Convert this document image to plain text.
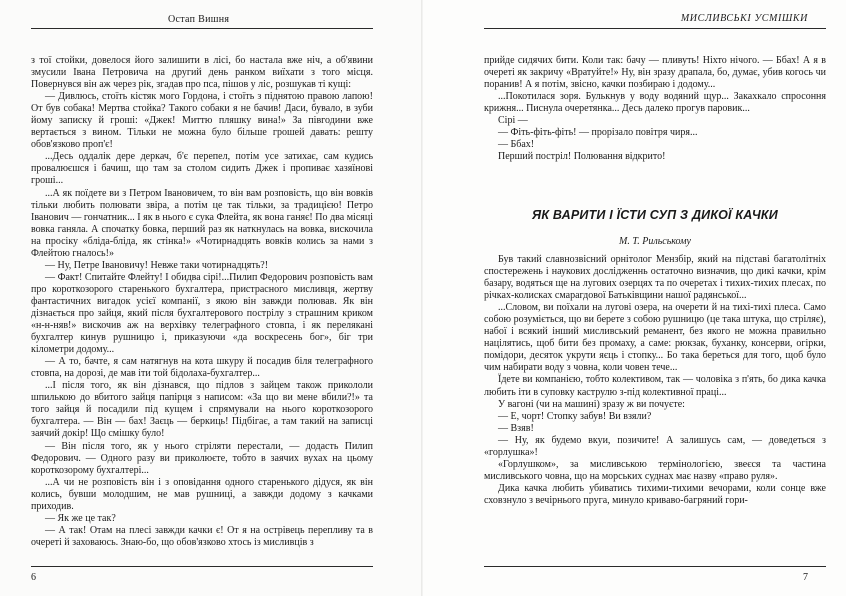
Остап Вишня

з тої стойки, довелося його залишити в лісі, бо настала вже ніч, а об'явини змусили Івана Петровича на другий день ранком виїхати з того місця. Повернувся він аж через рік, згадав про пса, пішов у ліс, розшукав ті кущі:

— Дивлюсь, стоїть кістяк мого Гордона, і стоїть з піднятою правою лапою! От був собака! Мертва стойка? Такого собаки я не бачив! Даси, бувало, в зуби йому записку й гроші: «Джек! Миттю пляшку вина!» За півгодини вже вертається з вином. Тільки не можна було більше грошей давать: решту обов'язково проп'є!

...Десь оддалік дере деркач, б'є перепел, потім усе затихає, сам кудись провалюєшся і бачиш, що там за столом сидить Джек і пропиває хазяїнові гроші...

...А як поїдете ви з Петром Івановичем, то він вам розповість, що він вовків тільки любить полювати звіра, а потім це так тільки, за традицією! Петро Іванович — гончатник... І як в нього є сука Флейта, як вона ганяє! По два місяці вовка ганяла. А спочатку бовка, перший раз як наткнулась на вовка, вискочила на просіку «бліда-бліда, як стінка!» «Чотирнадцять вовків колись за нами з Флейтою гналось!»

— Ну, Петре Івановичу! Невже таки чотирнадцять?!

— Факт! Спитайте Флейту! І обидва сірі!...Пилип Федорович розповість вам про короткозорого старенького бухгалтера, пристрасного мисливця, жертву фантастичних вигадок усієї компанії, з якою він завжди полював. Як він дізнається про зайця, який після бухгалтерового пострілу з страшним криком «н-н-няв!» вискочив аж на верхівку телеграфного стовпа, і як перелякані бухгалтер кинув рушницю і, приказуючи «да воскресень бог», біг три кілометри додому...

— А то, бачте, я сам натягнув на кота шкуру й посадив біля телеграфного стовпа, на дорозі, де мав іти той бідолаха-бухгалтер...

...І після того, як він дізнався, що підлов з зайцем також прикололи шпилькою до вбитого зайця папірця з написом: «За що ви мене вбили?!» та того зайця й посадили під кущем і спрямували на нього короткозорого бухгалтера. — Він — бах! Заєць — беркиць! Підбігає, а там такий на записці заячий докір! Що смішку було!

— Він після того, як у нього стріляти перестали, — додасть Пилип Федорович. — Одного разу ви приколюєте, тобто в заячих вухах на цьому короткозорому бухгалтері...

...А чи не розповість він і з оповідання одного старенького дідуся, як він колись, бувши молодшим, не мав рушниці, а завжди додому з качками приходив.

— Як же це так?

— А так! Отам на плесі завжди качки є! От я на острівець перепливу та в очереті й заховаюсь. Знаю-бо, що обов'язково хтось із мисливців з

6
МИСЛИВСЬКІ УСМІШКИ

прийде сидячих бити. Коли так: бачу — пливуть! Ніхто нічого. — Ббах! А я в очереті як закричу «Вратуйте!» Ну, він зразу драпала, бо, думає, убив когось чи поранив! А я потім, звісно, качки позбираю і додому...

...Покотилася зоря. Булькнув у воду водяний щур... Закахкало спросоння крижня... Писнула очеретянка... Десь далеко прогув паровик...

Сірі —

— Фіть-фіть-фіть! — прорізало повітря чиря...

— Ббах!

Перший постріл! Полювання відкрито!

ЯК ВАРИТИ І ЇСТИ СУП З ДИКОЇ КАЧКИ
М. Т. Рильському

Був такий славнозвісний орнітолог Мензбір, який на підставі багатолітніх спостережень і наукових дослідженнь остаточно визначив, що дикі качки, крім базару, водяться ще на лугових озерцях та по очеретах і тихих-тихих плесах, по річках-колисках смарагдової Батьківщини нашої радянської...

...Словом, ви поїхали на лугові озера, на очерети й на тихі-тихі плеса. Само собою розуміється, що ви берете з собою рушницю (це така штука, що стріляє), набої і всякий інший мисливський реманент, без якого не можна правильно націлятись, щоб бити без промаху, а саме: рюкзак, буханку, консерви, огірки, помідори, десяток укрути яєць і стопку... Бо така береться для того, щоб було чим набирати воду з човна, коли човен тече...

Їдете ви компанією, тобто колективом, так — чоловіка з п'ять, бо дика качка любить іти в суповку каструлю з-під колективної праці...

У вагоні (чи на машині) зразу ж ви почуєте:

— Е, чорт! Стопку забув! Ви взяли?

— Взяв!

— Ну, як будемо вкуи, позичите! А залишусь сам, — доведеться з «горлушка»!

«Горлушком», за мисливською термінологією, звеєся та частина мисливського човна, що на морських суднах має назву «право руля».

Дика качка любить убиватись тихими-тихими вечорами, коли сонце вже сховзнуло з вечірнього пруга, минуло кривaво-багряний гори-

7
